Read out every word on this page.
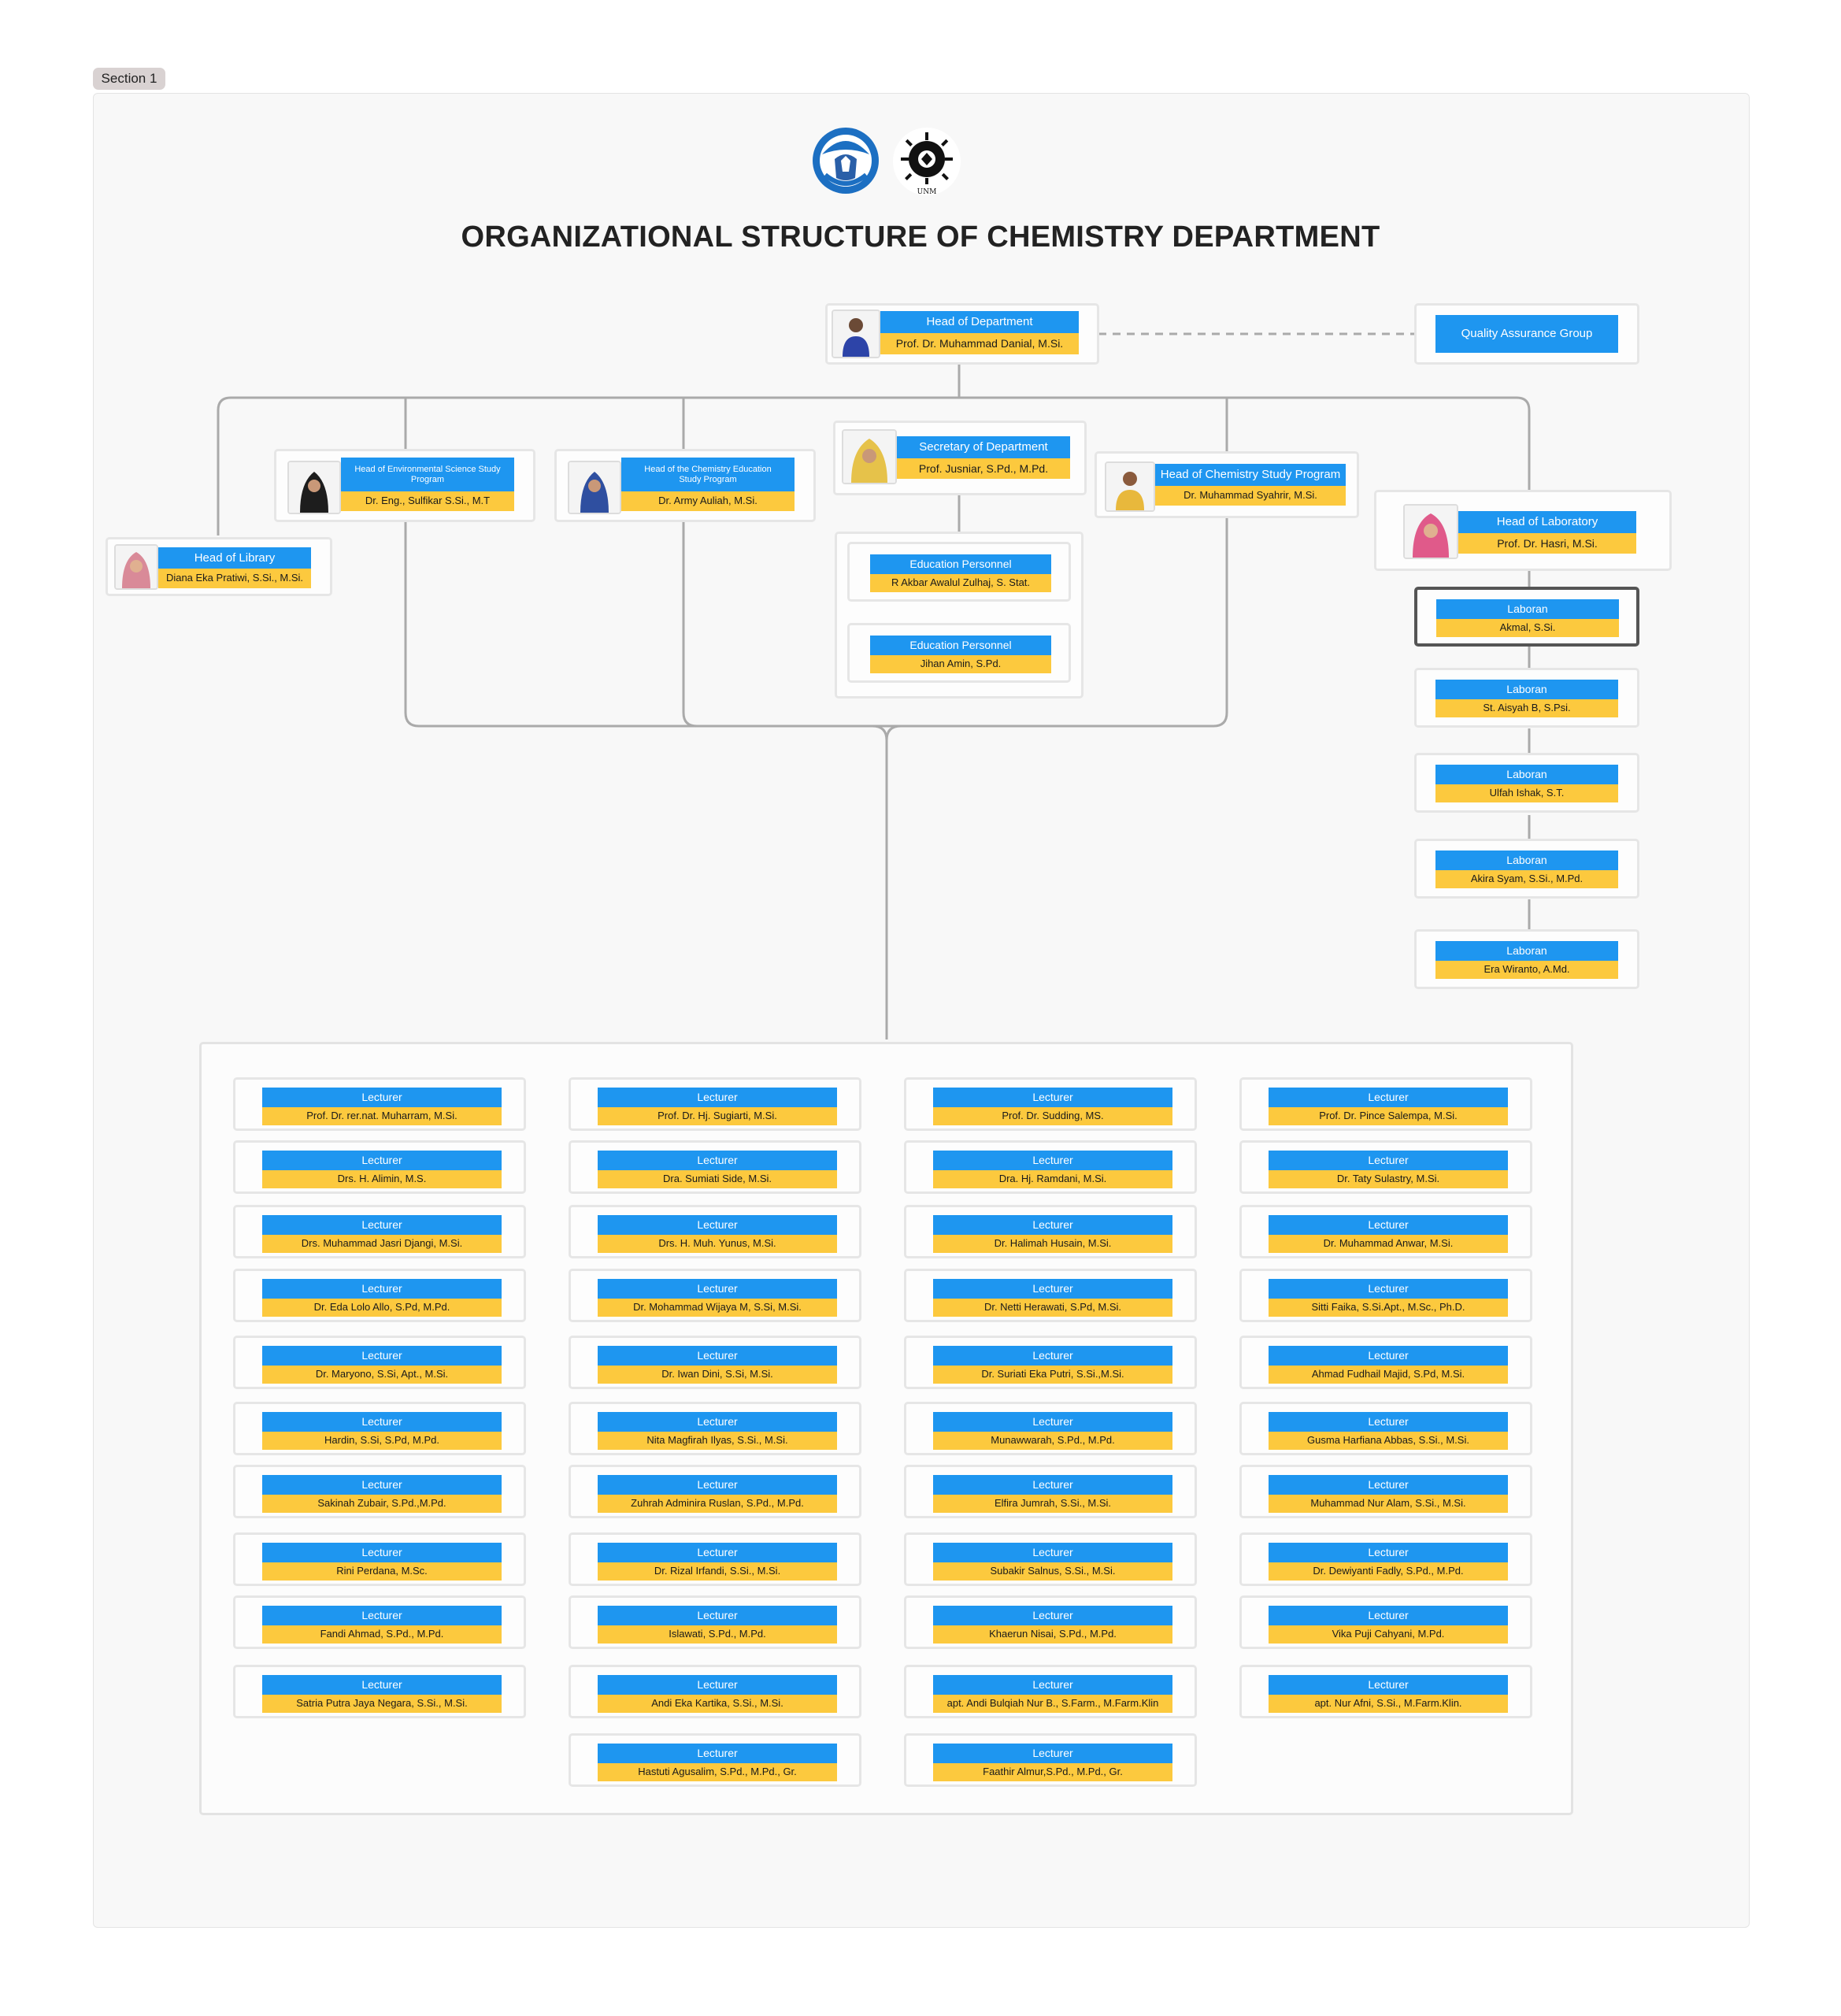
Section 1
UNM
ORGANIZATIONAL STRUCTURE OF CHEMISTRY DEPARTMENT
Head of Department
Prof. Dr. Muhammad Danial, M.Si.
Quality Assurance Group
Head of Environmental Science Study Program
Dr. Eng., Sulfikar S.Si., M.T
Head of the Chemistry Education Study Program
Dr. Army Auliah, M.Si.
Secretary of Department
Prof. Jusniar, S.Pd., M.Pd.	Head of Chemistry Study Program
Dr. Muhammad Syahrir, M.Si.
Head of Library
Diana Eka Pratiwi, S.Si., M.Si.
Head of Laboratory
Prof. Dr. Hasri, M.Si.
Education Personnel
R Akbar Awalul Zulhaj, S. Stat.
Education Personnel
Jihan Amin, S.Pd.
Laboran
Akmal, S.Si.
Laboran
St. Aisyah B, S.Psi.
Laboran
Ulfah Ishak, S.T.
Laboran
Akira Syam, S.Si., M.Pd.
Laboran
Era Wiranto, A.Md.
Lecturer
Prof. Dr. rer.nat. Muharram, M.Si.
Lecturer
Drs. H. Alimin, M.S.
Lecturer
Drs. Muhammad Jasri Djangi, M.Si.
Lecturer
Dr. Eda Lolo Allo, S.Pd, M.Pd.
Lecturer
Dr. Maryono, S.Si, Apt., M.Si.
Lecturer
Hardin, S.Si, S.Pd, M.Pd.
Lecturer
Sakinah Zubair, S.Pd.,M.Pd.
Lecturer
Rini Perdana, M.Sc.
Lecturer
Fandi Ahmad, S.Pd., M.Pd.
Lecturer
Satria Putra Jaya Negara, S.Si., M.Si.
Lecturer
Prof. Dr. Hj. Sugiarti, M.Si.
Lecturer
Dra. Sumiati Side, M.Si.
Lecturer
Drs. H. Muh. Yunus, M.Si.
Lecturer
Dr. Mohammad Wijaya M, S.Si, M.Si.
Lecturer
Dr. Iwan Dini, S.Si, M.Si.
Lecturer
Nita Magfirah Ilyas, S.Si., M.Si.
Lecturer
Zuhrah Adminira Ruslan, S.Pd., M.Pd.
Lecturer
Dr. Rizal Irfandi, S.Si., M.Si.
Lecturer
Islawati, S.Pd., M.Pd.
Lecturer
Andi Eka Kartika, S.Si., M.Si.
Lecturer
Hastuti Agusalim, S.Pd., M.Pd., Gr.
Lecturer
Prof. Dr. Sudding, MS.
Lecturer
Dra. Hj. Ramdani, M.Si.
Lecturer
Dr. Halimah Husain, M.Si.
Lecturer
Dr. Netti Herawati, S.Pd, M.Si.
Lecturer
Dr. Suriati Eka Putri, S.Si.,M.Si.
Lecturer
Munawwarah, S.Pd., M.Pd.
Lecturer
Elfira Jumrah, S.Si., M.Si.
Lecturer
Subakir Salnus, S.Si., M.Si.
Lecturer
Khaerun Nisai, S.Pd., M.Pd.
Lecturer
apt. Andi Bulqiah Nur B., S.Farm., M.Farm.Klin
Lecturer
Faathir Almur,S.Pd., M.Pd., Gr.
Lecturer
Prof. Dr. Pince Salempa, M.Si.
Lecturer
Dr. Taty Sulastry, M.Si.
Lecturer
Dr. Muhammad Anwar, M.Si.
Lecturer
Sitti Faika, S.Si.Apt., M.Sc., Ph.D.
Lecturer
Ahmad Fudhail Majid, S.Pd, M.Si.
Lecturer
Gusma Harfiana Abbas, S.Si., M.Si.
Lecturer
Muhammad Nur Alam, S.Si., M.Si.
Lecturer
Dr. Dewiyanti Fadly, S.Pd., M.Pd.
Lecturer
Vika Puji Cahyani, M.Pd.
Lecturer
apt. Nur Afni, S.Si., M.Farm.Klin.
